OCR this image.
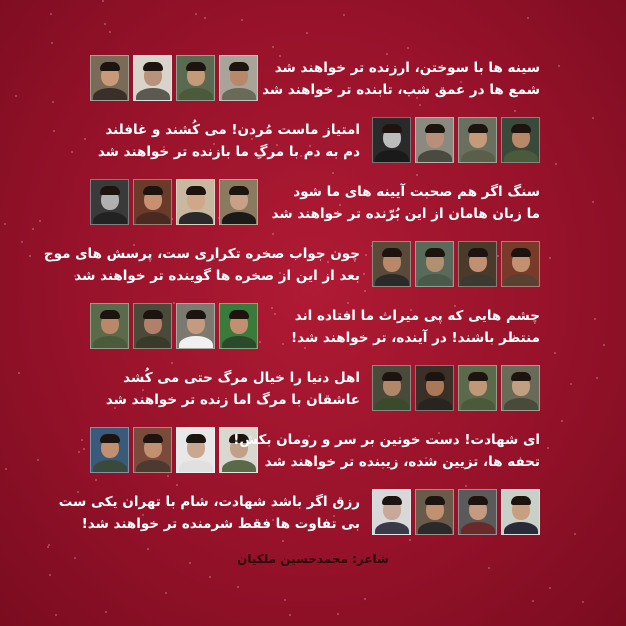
سینه ها با سوختن، ارزنده تر خواهند شد

شمع ها در عمق شب، تابنده تر خواهند شد

امتیاز ماست مُردن! می کُشند و غافلند

دم به دم با مرگِ ما بازنده تر خواهند شد

سنگ اگر هم صحبت آیینه های ما شود

ما زبان هامان از این بُرّنده تر خواهند شد

چون جواب صخره تکراری ست، پرسش های موج

بعد از این از صخره ها گوینده تر خواهند شد

چشم هایی که پی میراث ما افتاده اند

منتظر باشند! در آینده، تر خواهند شد!

اهل دنیا را خیال مرگ حتی می کُشد

عاشقان با مرگ اما زنده تر خواهند شد

ای شهادت! دست خونین بر سر و رومان بکش!

تحفه ها، تزیین شده، زیبنده تر خواهند شد

رزق اگر باشد شهادت، شام با تهران یکی ست

بی تفاوت ها فقط شرمنده تر خواهند شد!

شاعر: محمدحسین ملکیان
